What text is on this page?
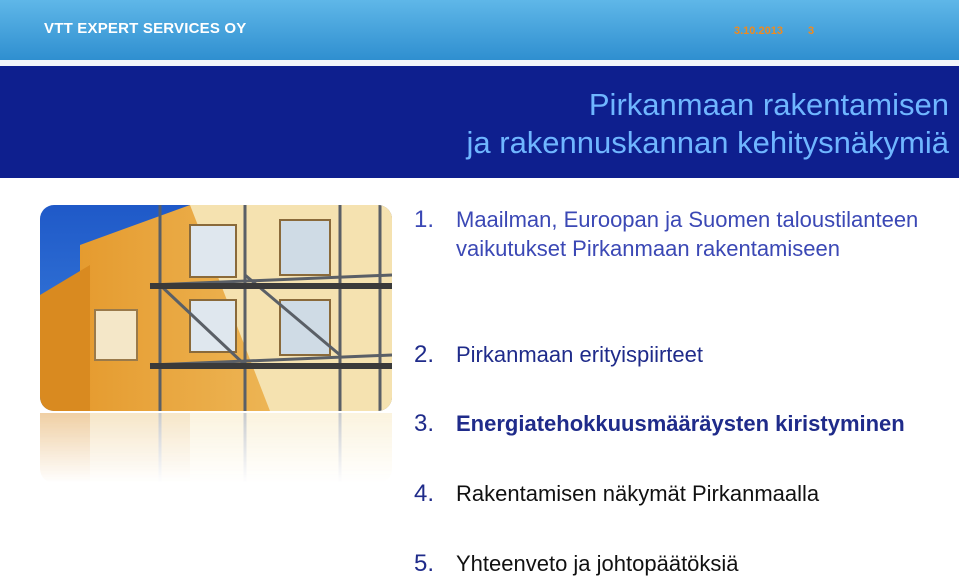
VTT EXPERT SERVICES OY	3.10.2013 3
Pirkanmaan rakentamisen
ja rakennuskannan kehitysnäkymiä
1. Maailman, Euroopan ja Suomen taloustilanteen vaikutukset Pirkanmaan rakentamiseen
2. Pirkanmaan erityispiirteet
3. Energiatehokkuusmääräysten kiristyminen
4. Rakentamisen näkymät Pirkanmaalla
5. Yhteenveto ja johtopäätöksiä
